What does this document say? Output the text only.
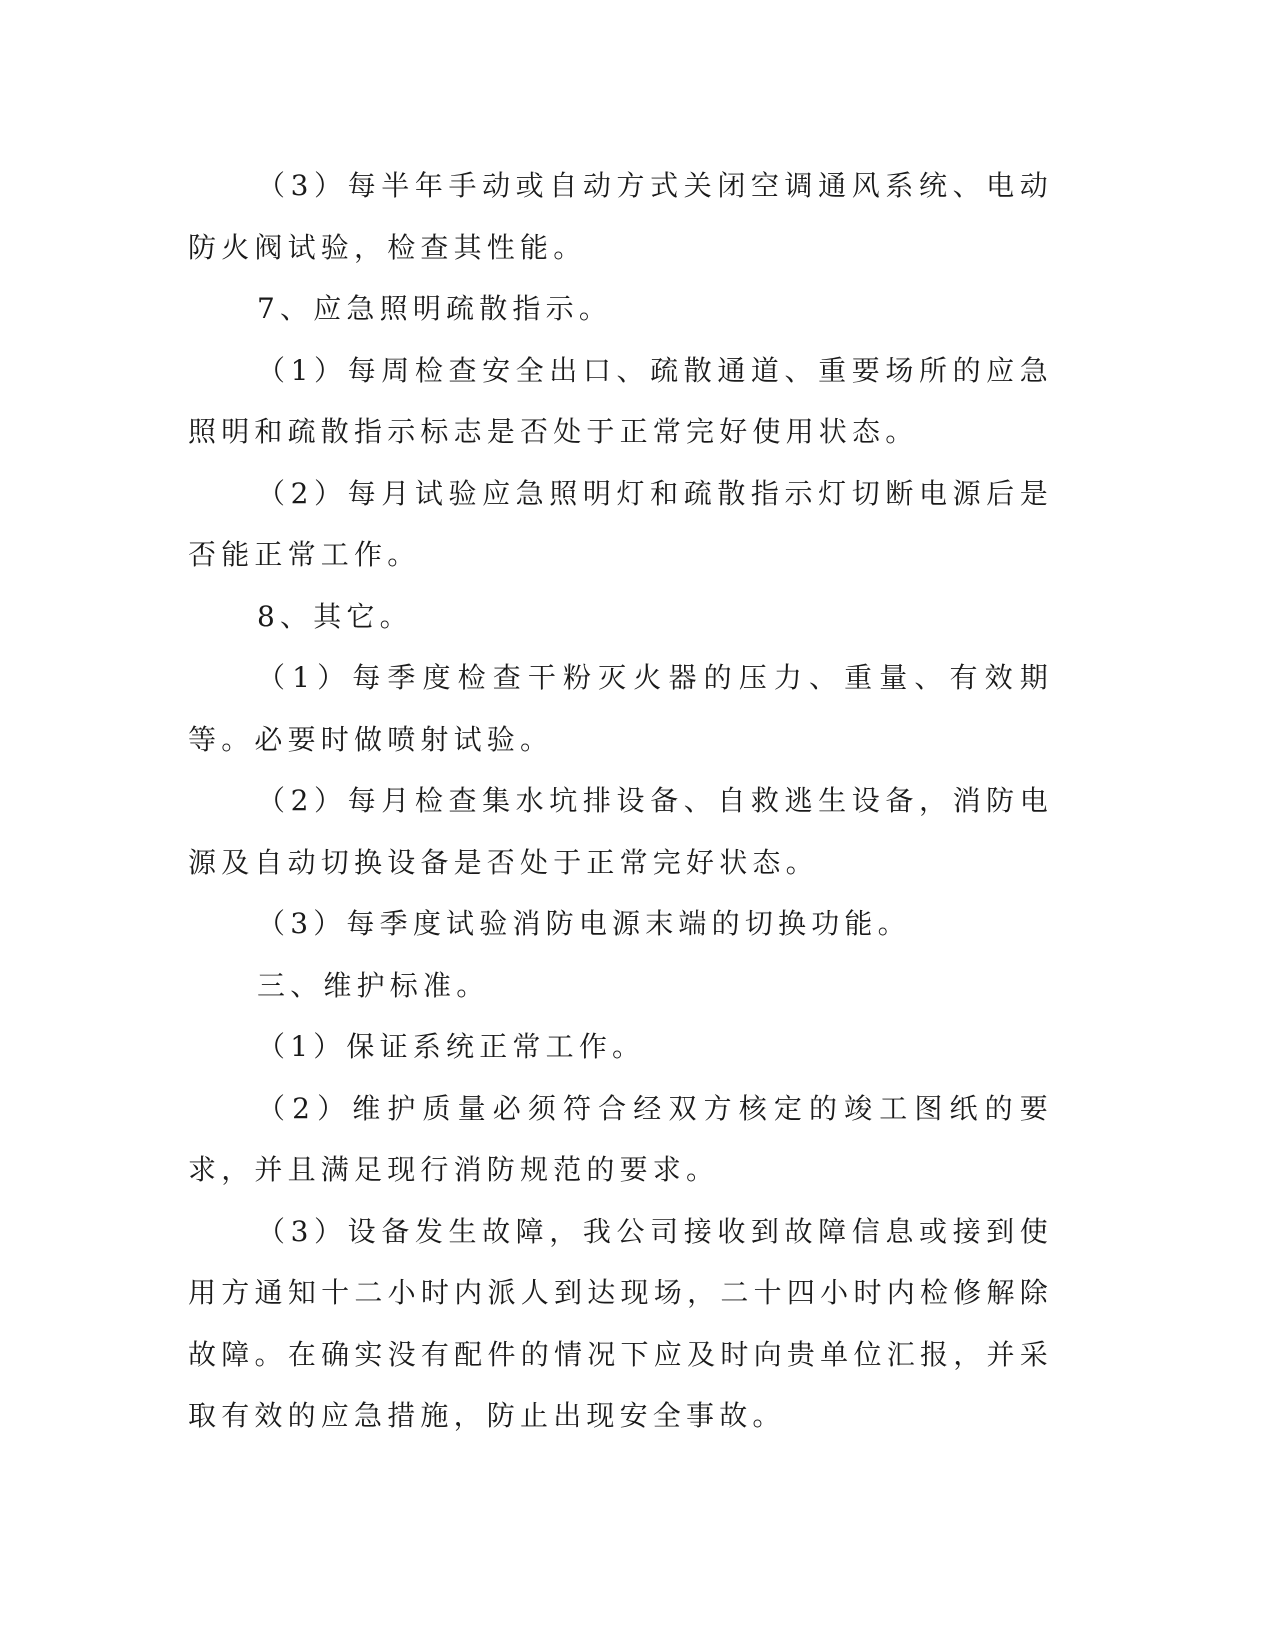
（3）每半年手动或自动方式关闭空调通风系统、电动防火阀试验，检查其性能。

7、应急照明疏散指示。

（1）每周检查安全出口、疏散通道、重要场所的应急照明和疏散指示标志是否处于正常完好使用状态。

（2）每月试验应急照明灯和疏散指示灯切断电源后是否能正常工作。

8、其它。

（1）每季度检查干粉灭火器的压力、重量、有效期等。必要时做喷射试验。

（2）每月检查集水坑排设备、自救逃生设备，消防电源及自动切换设备是否处于正常完好状态。

（3）每季度试验消防电源末端的切换功能。

三、维护标准。

（1）保证系统正常工作。

（2）维护质量必须符合经双方核定的竣工图纸的要求，并且满足现行消防规范的要求。

（3）设备发生故障，我公司接收到故障信息或接到使用方通知十二小时内派人到达现场，二十四小时内检修解除故障。在确实没有配件的情况下应及时向贵单位汇报，并采取有效的应急措施，防止出现安全事故。
